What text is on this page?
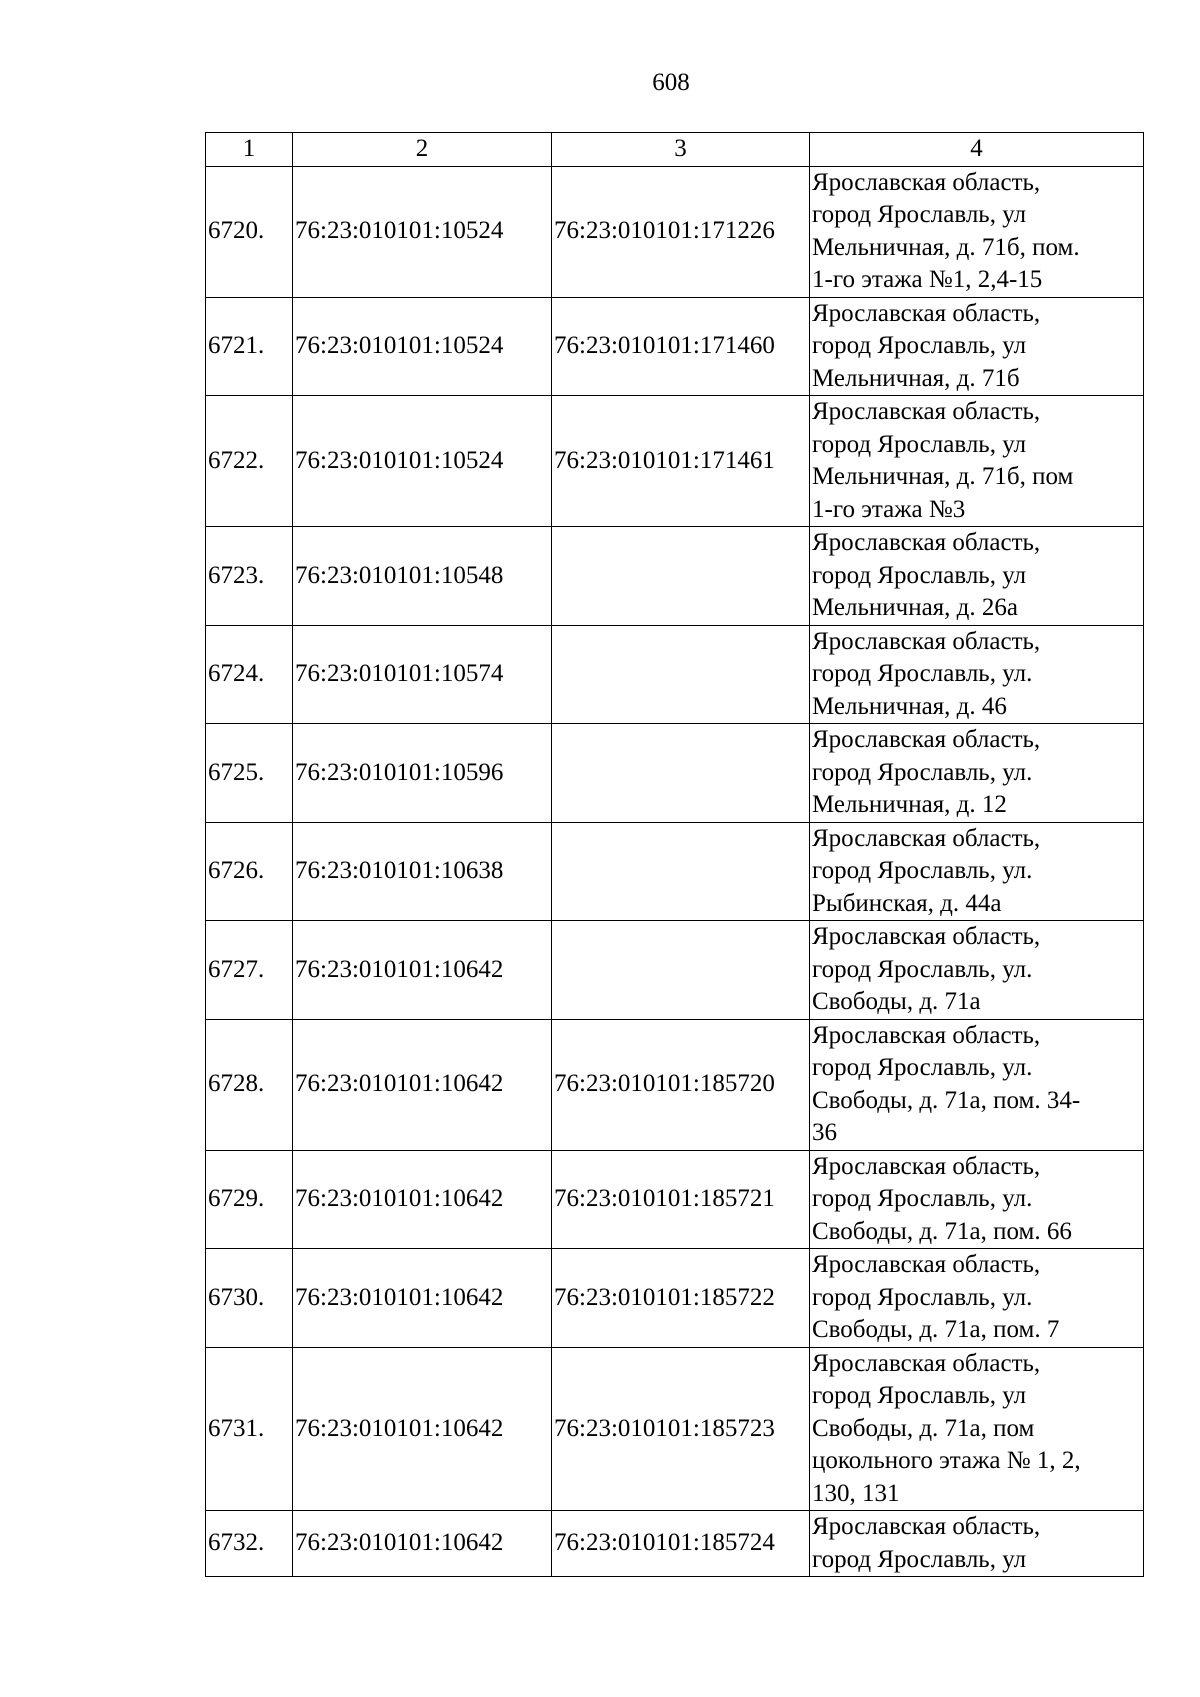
608
1	2	3	4
6720.	76:23:010101:10524	76:23:010101:171226	Ярославская область,
город Ярославль, ул
Мельничная, д. 71б, пом.
1-го этажа №1, 2,4-15

6721.	76:23:010101:10524	76:23:010101:171460	Ярославская область,
город Ярославль, ул
Мельничная, д. 71б

6722.	76:23:010101:10524	76:23:010101:171461	Ярославская область,
город Ярославль, ул
Мельничная, д. 71б, пом
1-го этажа №3

6723.	76:23:010101:10548		Ярославская область,
город Ярославль, ул
Мельничная, д. 26а

6724.	76:23:010101:10574		Ярославская область,
город Ярославль, ул.
Мельничная, д. 46

6725.	76:23:010101:10596		Ярославская область,
город Ярославль, ул.
Мельничная, д. 12

6726.	76:23:010101:10638		Ярославская область,
город Ярославль, ул.
Рыбинская, д. 44а

6727.	76:23:010101:10642		Ярославская область,
город Ярославль, ул.
Свободы, д. 71а

6728.	76:23:010101:10642	76:23:010101:185720	Ярославская область,
город Ярославль, ул.
Свободы, д. 71а, пом. 34-
36

6729.	76:23:010101:10642	76:23:010101:185721	Ярославская область,
город Ярославль, ул.
Свободы, д. 71а, пом. 66

6730.	76:23:010101:10642	76:23:010101:185722	Ярославская область,
город Ярославль, ул.
Свободы, д. 71а, пом. 7

6731.	76:23:010101:10642	76:23:010101:185723	Ярославская область,
город Ярославль, ул
Свободы, д. 71а, пом
цокольного этажа № 1, 2,
130, 131

6732.	76:23:010101:10642	76:23:010101:185724	Ярославская область,
город Ярославль, ул
